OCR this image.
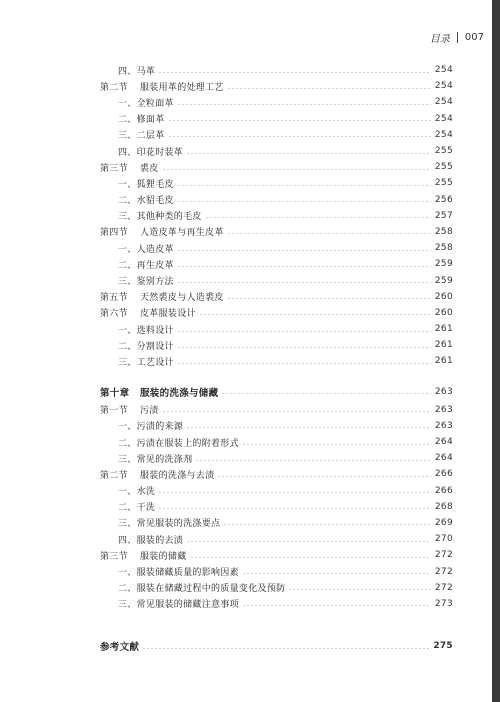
目录 007
四、马革	254
第二节 服装用革的处理工艺	254
一、全粒面革	254
二、修面革	254
三、二层革	254
四、印花时装革	255
第三节 裘皮	255
一、狐狸毛皮	255
二、水貂毛皮	256
三、其他种类的毛皮	257
第四节 人造皮革与再生皮革	258
一、人造皮革	258
二、再生皮革	259
三、鉴别方法	259
第五节 天然裘皮与人造裘皮	260
第六节 皮革服装设计	260
一、选料设计	261
二、分割设计	261
三、工艺设计	261
第十章 服装的洗涤与储藏	263
第一节 污渍	263
一、污渍的来源	263
二、污渍在服装上的附着形式	264
三、常见的洗涤剂	264
第二节 服装的洗涤与去渍	266
一、水洗	266
二、干洗	268
三、常见服装的洗涤要点	269
四、服装的去渍	270
第三节 服装的储藏	272
一、服装储藏质量的影响因素	272
二、服装在储藏过程中的质量变化及预防	272
三、常见服装的储藏注意事项	273
参考文献	275
